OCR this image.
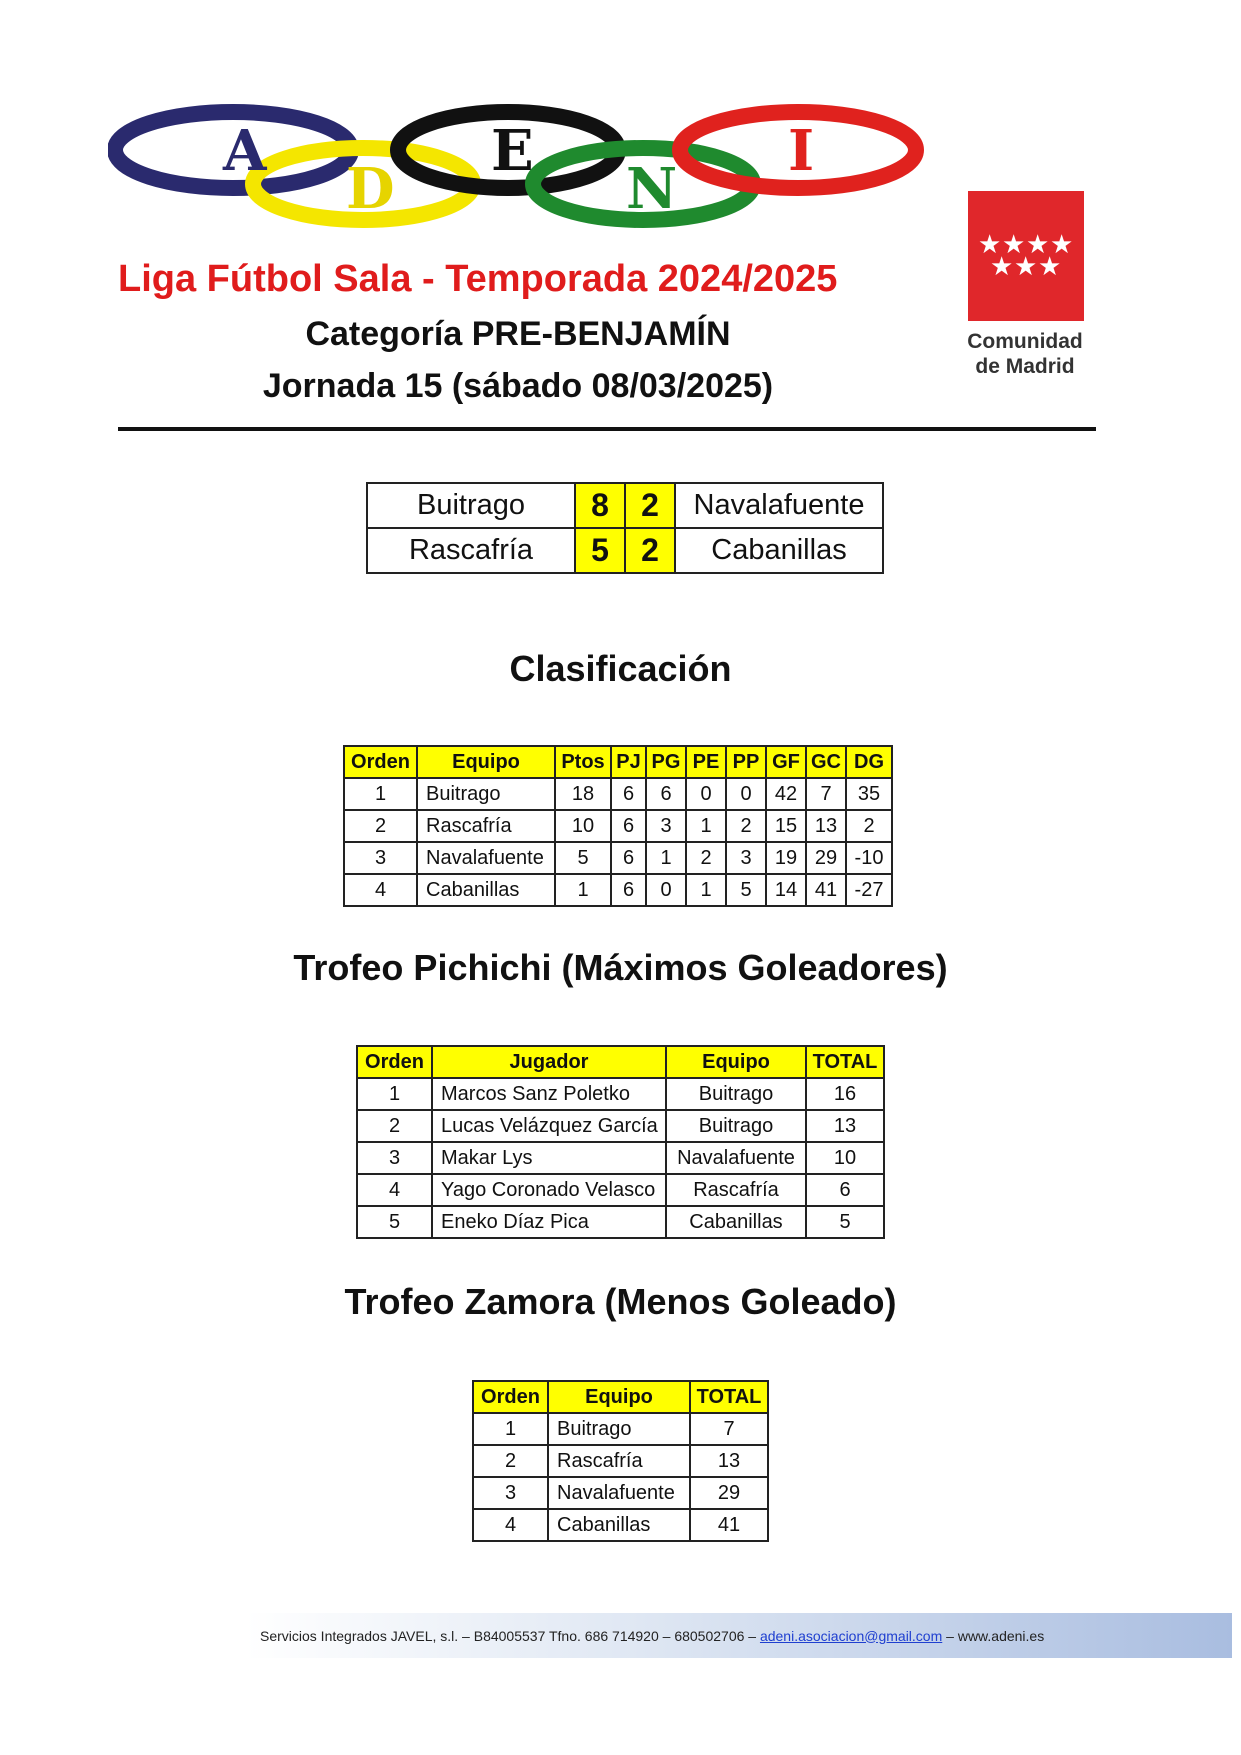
A
D
E
N
I
★ ★ ★ ★
★ ★ ★
Comunidad
de Madrid
Liga Fútbol Sala - Temporada 2024/2025
Categoría PRE-BENJAMÍN
Jornada 15 (sábado 08/03/2025)
Buitrago	8	2	Navalafuente
Rascafría	5	2	Cabanillas
Clasificación
Orden	Equipo	Ptos	PJ	PG	PE	PP	GF	GC	DG
1	Buitrago	18	6	6	0	0	42	7	35
2	Rascafría	10	6	3	1	2	15	13	2
3	Navalafuente	5	6	1	2	3	19	29	-10
4	Cabanillas	1	6	0	1	5	14	41	-27
Trofeo Pichichi (Máximos Goleadores)
Orden	Jugador	Equipo	TOTAL
1	Marcos Sanz Poletko	Buitrago	16
2	Lucas Velázquez García	Buitrago	13
3	Makar Lys	Navalafuente	10
4	Yago Coronado Velasco	Rascafría	6
5	Eneko Díaz Pica	Cabanillas	5
Trofeo Zamora (Menos Goleado)
Orden	Equipo	TOTAL
1	Buitrago	7
2	Rascafría	13
3	Navalafuente	29
4	Cabanillas	41
Servicios Integrados JAVEL, s.l. – B84005537 Tfno. 686 714920 – 680502706 – adeni.asociacion@gmail.com – www.adeni.es
